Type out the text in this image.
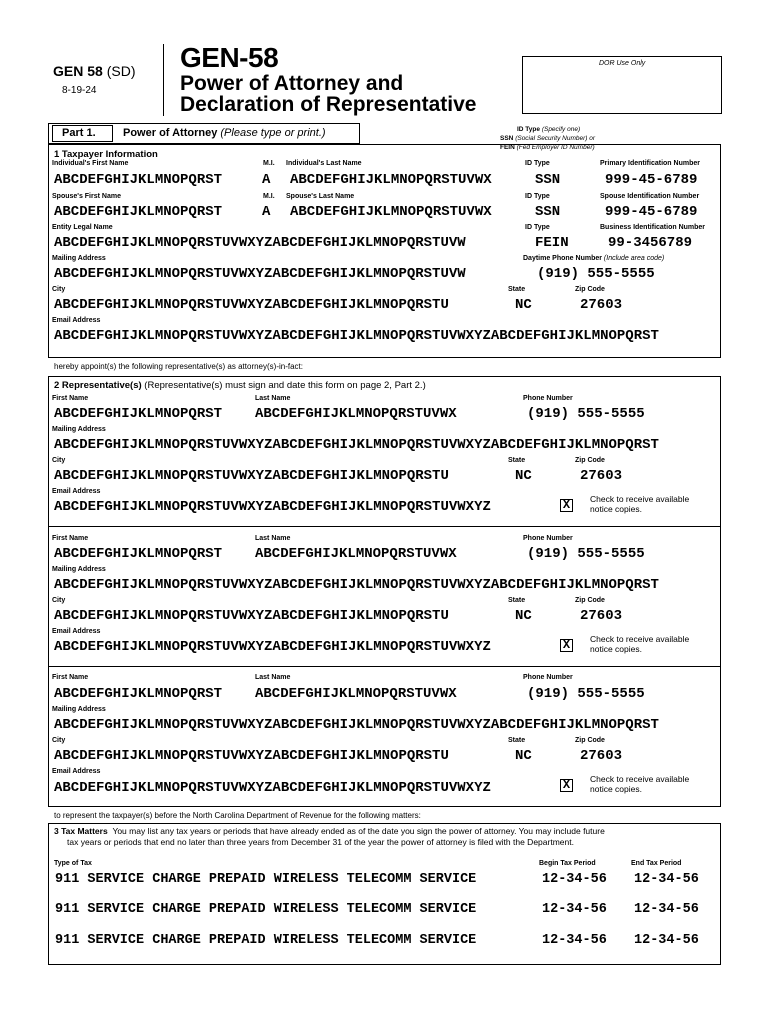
GEN 58 (SD)
8-19-24
GEN-58
Power of Attorney and
Declaration of Representative
DOR Use Only
Part 1. Power of Attorney (Please type or print.)	ID Type (Specify one)
SSN (Social Security Number) or
FEIN (Fed Employer ID Number)
1 Taxpayer Information
Individual's First Name	M.I. Individual's Last Name	ID Type	Primary Identification Number
ABCDEFGHIJKLMNOPQRST	A ABCDEFGHIJKLMNOPQRSTUVWX	SSN	999-45-6789
Spouse's First Name	M.I. Spouse's Last Name	ID Type	Spouse Identification Number
ABCDEFGHIJKLMNOPQRST	A ABCDEFGHIJKLMNOPQRSTUVWX	SSN	999-45-6789
Entity Legal Name	ID Type	Business Identification Number
ABCDEFGHIJKLMNOPQRSTUVWXYZABCDEFGHIJKLMNOPQRSTUVW	FEIN	99-3456789
Mailing Address	Daytime Phone Number (Include area code)
ABCDEFGHIJKLMNOPQRSTUVWXYZABCDEFGHIJKLMNOPQRSTUVW	(919) 555-5555
City	State	Zip Code
ABCDEFGHIJKLMNOPQRSTUVWXYZABCDEFGHIJKLMNOPQRSTU	NC	27603
Email Address
ABCDEFGHIJKLMNOPQRSTUVWXYZABCDEFGHIJKLMNOPQRSTUVWXYZABCDEFGHIJKLMNOPQRST
hereby appoint(s) the following representative(s) as attorney(s)-in-fact:
2 Representative(s) (Representative(s) must sign and date this form on page 2, Part 2.)
First Name	Last Name	Phone Number
ABCDEFGHIJKLMNOPQRST ABCDEFGHIJKLMNOPQRSTUVWX	(919) 555-5555
Mailing Address
ABCDEFGHIJKLMNOPQRSTUVWXYZABCDEFGHIJKLMNOPQRSTUVWXYZABCDEFGHIJKLMNOPQRST
City	State	Zip Code
ABCDEFGHIJKLMNOPQRSTUVWXYZABCDEFGHIJKLMNOPQRSTU	NC	27603
Email Address
ABCDEFGHIJKLMNOPQRSTUVWXYZABCDEFGHIJKLMNOPQRSTUVWXYZ	X	Check to receive available
notice copies.
First Name	Last Name	Phone Number
ABCDEFGHIJKLMNOPQRST ABCDEFGHIJKLMNOPQRSTUVWX	(919) 555-5555
Mailing Address
ABCDEFGHIJKLMNOPQRSTUVWXYZABCDEFGHIJKLMNOPQRSTUVWXYZABCDEFGHIJKLMNOPQRST
City	State	Zip Code
ABCDEFGHIJKLMNOPQRSTUVWXYZABCDEFGHIJKLMNOPQRSTU	NC	27603
Email Address
ABCDEFGHIJKLMNOPQRSTUVWXYZABCDEFGHIJKLMNOPQRSTUVWXYZ	X	Check to receive available
notice copies.
First Name	Last Name	Phone Number
ABCDEFGHIJKLMNOPQRST ABCDEFGHIJKLMNOPQRSTUVWX	(919) 555-5555
Mailing Address
ABCDEFGHIJKLMNOPQRSTUVWXYZABCDEFGHIJKLMNOPQRSTUVWXYZABCDEFGHIJKLMNOPQRST
City	State	Zip Code
ABCDEFGHIJKLMNOPQRSTUVWXYZABCDEFGHIJKLMNOPQRSTU	NC	27603
Email Address
ABCDEFGHIJKLMNOPQRSTUVWXYZABCDEFGHIJKLMNOPQRSTUVWXYZ	X	Check to receive available
notice copies.
to represent the taxpayer(s) before the North Carolina Department of Revenue for the following matters:
3 Tax Matters You may list any tax years or periods that have already ended as of the date you sign the power of attorney. You may include future
tax years or periods that end no later than three years from December 31 of the year the power of attorney is filed with the Department.
Type of Tax	Begin Tax Period	End Tax Period
911 SERVICE CHARGE PREPAID WIRELESS TELECOMM SERVICE	12-34-56 12-34-56
911 SERVICE CHARGE PREPAID WIRELESS TELECOMM SERVICE	12-34-56 12-34-56
911 SERVICE CHARGE PREPAID WIRELESS TELECOMM SERVICE	12-34-56 12-34-56
